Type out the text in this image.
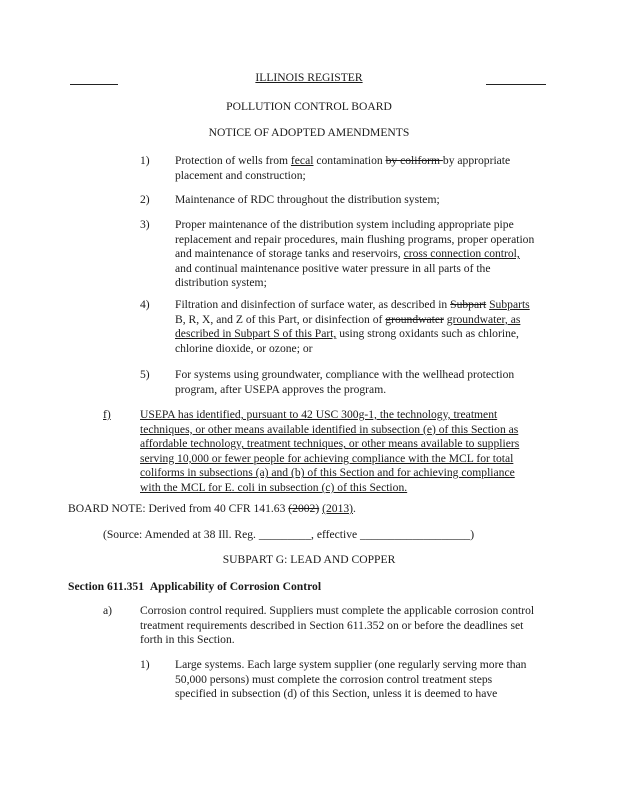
ILLINOIS REGISTER
POLLUTION CONTROL BOARD
NOTICE OF ADOPTED AMENDMENTS
1) Protection of wells from fecal contamination by coliform by appropriate placement and construction;
2) Maintenance of RDC throughout the distribution system;
3) Proper maintenance of the distribution system including appropriate pipe replacement and repair procedures, main flushing programs, proper operation and maintenance of storage tanks and reservoirs, cross connection control, and continual maintenance positive water pressure in all parts of the distribution system;
4) Filtration and disinfection of surface water, as described in Subpart Subparts B, R, X, and Z of this Part, or disinfection of groundwater groundwater, as described in Subpart S of this Part, using strong oxidants such as chlorine, chlorine dioxide, or ozone; or
5) For systems using groundwater, compliance with the wellhead protection program, after USEPA approves the program.
f)	USEPA has identified, pursuant to 42 USC 300g-1, the technology, treatment techniques, or other means available identified in subsection (e) of this Section as affordable technology, treatment techniques, or other means available to suppliers serving 10,000 or fewer people for achieving compliance with the MCL for total coliforms in subsections (a) and (b) of this Section and for achieving compliance with the MCL for E. coli in subsection (c) of this Section.
BOARD NOTE: Derived from 40 CFR 141.63 (2002) (2013).
(Source: Amended at 38 Ill. Reg. _________, effective ___________________)
SUBPART G: LEAD AND COPPER
Section 611.351 Applicability of Corrosion Control
a) Corrosion control required. Suppliers must complete the applicable corrosion control treatment requirements described in Section 611.352 on or before the deadlines set forth in this Section.
1) Large systems. Each large system supplier (one regularly serving more than 50,000 persons) must complete the corrosion control treatment steps specified in subsection (d) of this Section, unless it is deemed to have
